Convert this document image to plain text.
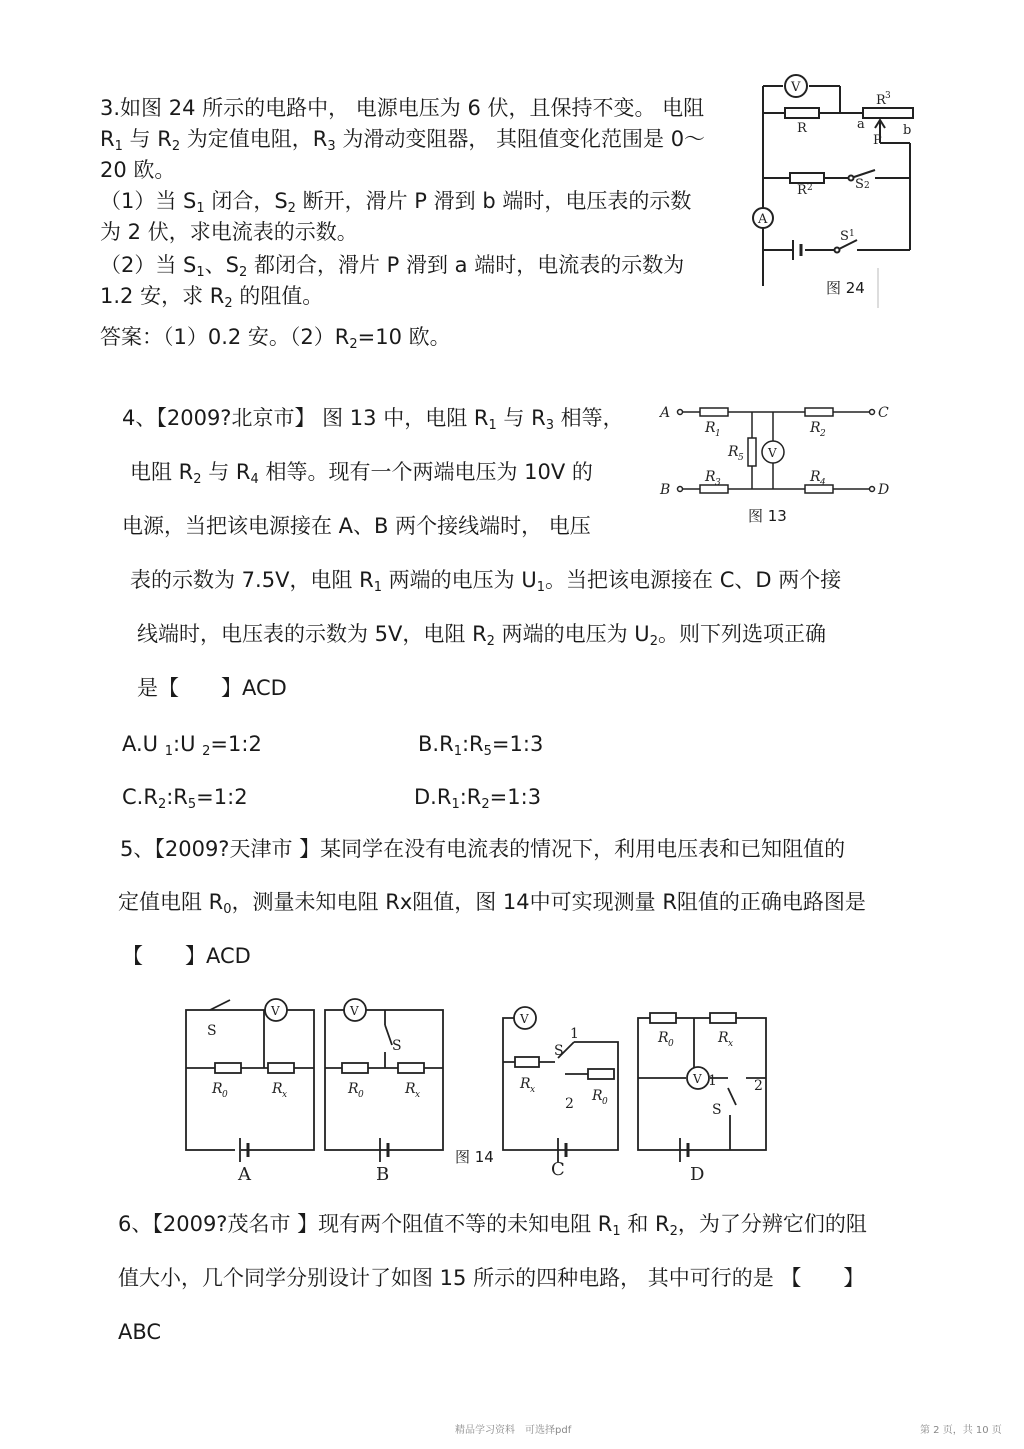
3.如图 24 所示的电路中， 电源电压为 6 伏，且保持不变。 电阻
$R_1$ 与 $R_2$ 为定值电阻，$R_3$ 为滑动变阻器， 其阻值变化范围是 0～
20 欧。
（1）当 $S_1$ 闭合，$S_2$ 断开，滑片 P 滑到 b 端时，电压表的示数
为 2 伏，求电流表的示数。
（2）当 $S_1$、$S_2$ 都闭合，滑片 P 滑到 a 端时，电流表的示数为
1.2 安，求 $R_2$ 的阻值。
答案：（1）0.2 安。$(2)R_2=10$ 欧。
V
A
R
R 3
a	b
P
R 2	S 2
S 1
图 24
4、【2009?北京市】 图 13 中，电阻 $R_1$ 与 $R_3$ 相等，
电阻 $R_2$ 与 $R_4$ 相等。现有一个两端电压为 10V 的
电源，当把该电源接在 A、B 两个接线端时， 电压
表的示数为 7.5V，电阻 $R_1$ 两端的电压为 $U_1$。当把该电源接在 C、D 两个接
线端时，电压表的示数为 5V，电阻 $R_2$ 两端的电压为 $U_2$。则下列选项正确
是【　　】ACD
A.U $_1$:U $_2$=1:2	$B.R_1:R_5=1:3$
$C.R_2:R_5=1:2$	$D.R_1:R_2=1:3$
A
B
C
D
V
R 1	R 2
R 3	R 4
R 5
图 13
5、【2009?天津市 】某同学在没有电流表的情况下，利用电压表和已知阻值的
定值电阻 $R_0$，测量未知电阻 Rx阻值，图 14中可实现测量 R阻值的正确电路图是
【　　】ACD
V	V
V
V
S
S	S
S
1
2
1	2
R 0	R x	R 0	R x
R x	R 0
R 0	R x
A	B	C	D
图 14
6、【2009?茂名市 】现有两个阻值不等的未知电阻 $R_1$ 和 $R_2$，为了分辨它们的阻
值大小，几个同学分别设计了如图 15 所示的四种电路， 其中可行的是 【　　】
ABC
精品学习资料　可选择pdf	第 2 页，共 10 页
